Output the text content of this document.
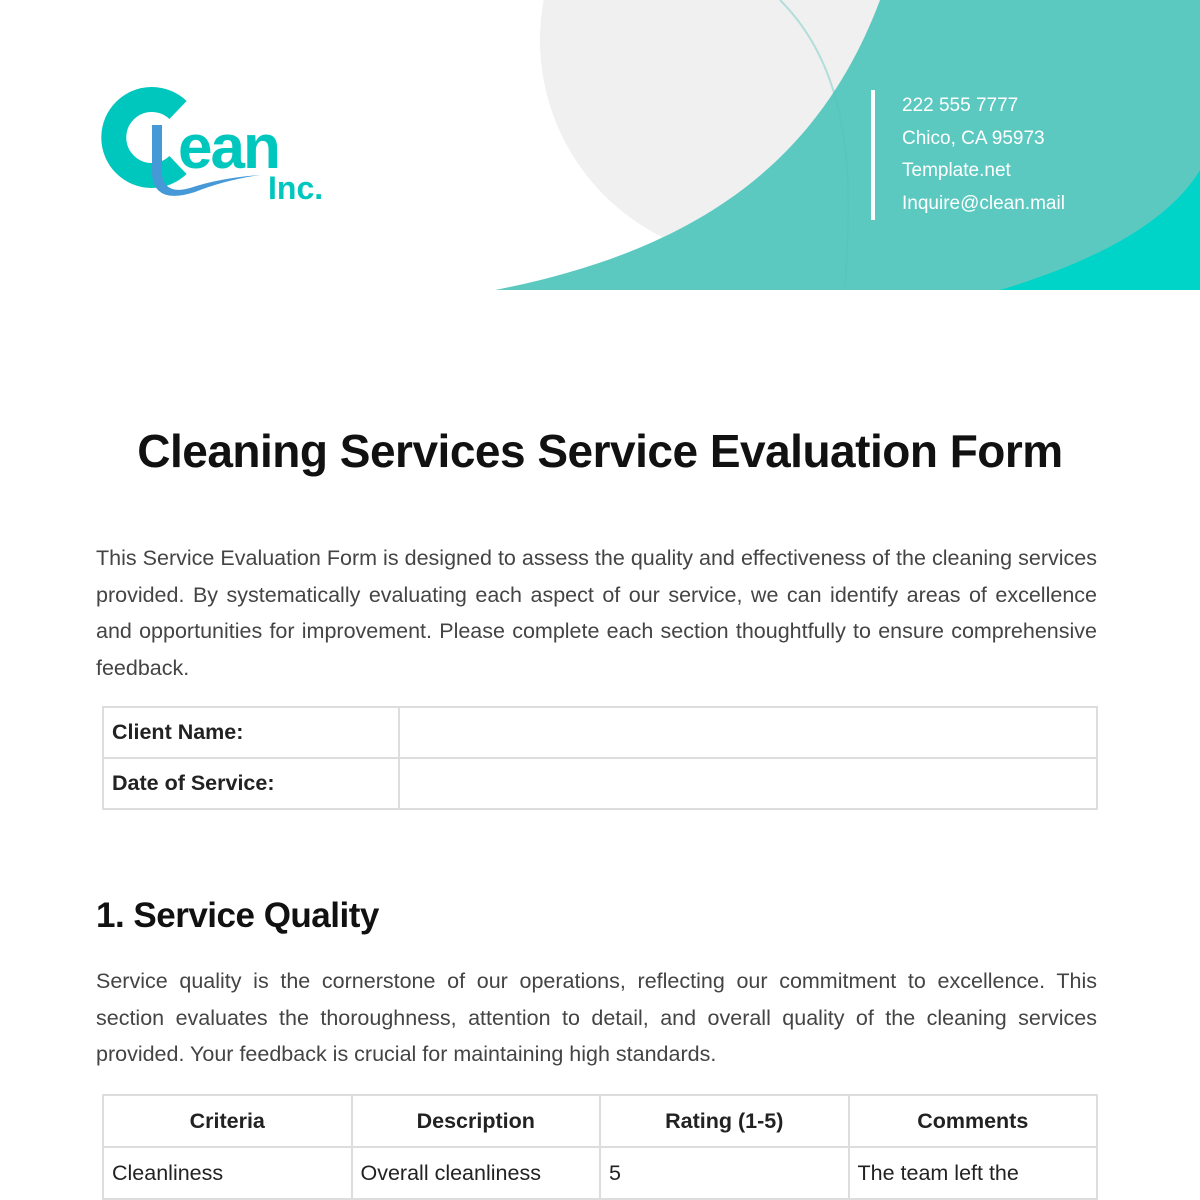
ean
Inc.
222 555 7777
Chico, CA 95973
Template.net
Inquire@clean.mail
Cleaning Services Service Evaluation Form

This Service Evaluation Form is designed to assess the quality and effectiveness of the cleaning services provided. By systematically evaluating each aspect of our service, we can identify areas of excellence and opportunities for improvement. Please complete each section thoughtfully to ensure comprehensive feedback.

Client Name:	
Date of Service:	
1. Service Quality

Service quality is the cornerstone of our operations, reflecting our commitment to excellence. This section evaluates the thoroughness, attention to detail, and overall quality of the cleaning services provided. Your feedback is crucial for maintaining high standards.

Criteria	Description	Rating (1-5)	Comments
Cleanliness	Overall cleanliness	5	The team left the
